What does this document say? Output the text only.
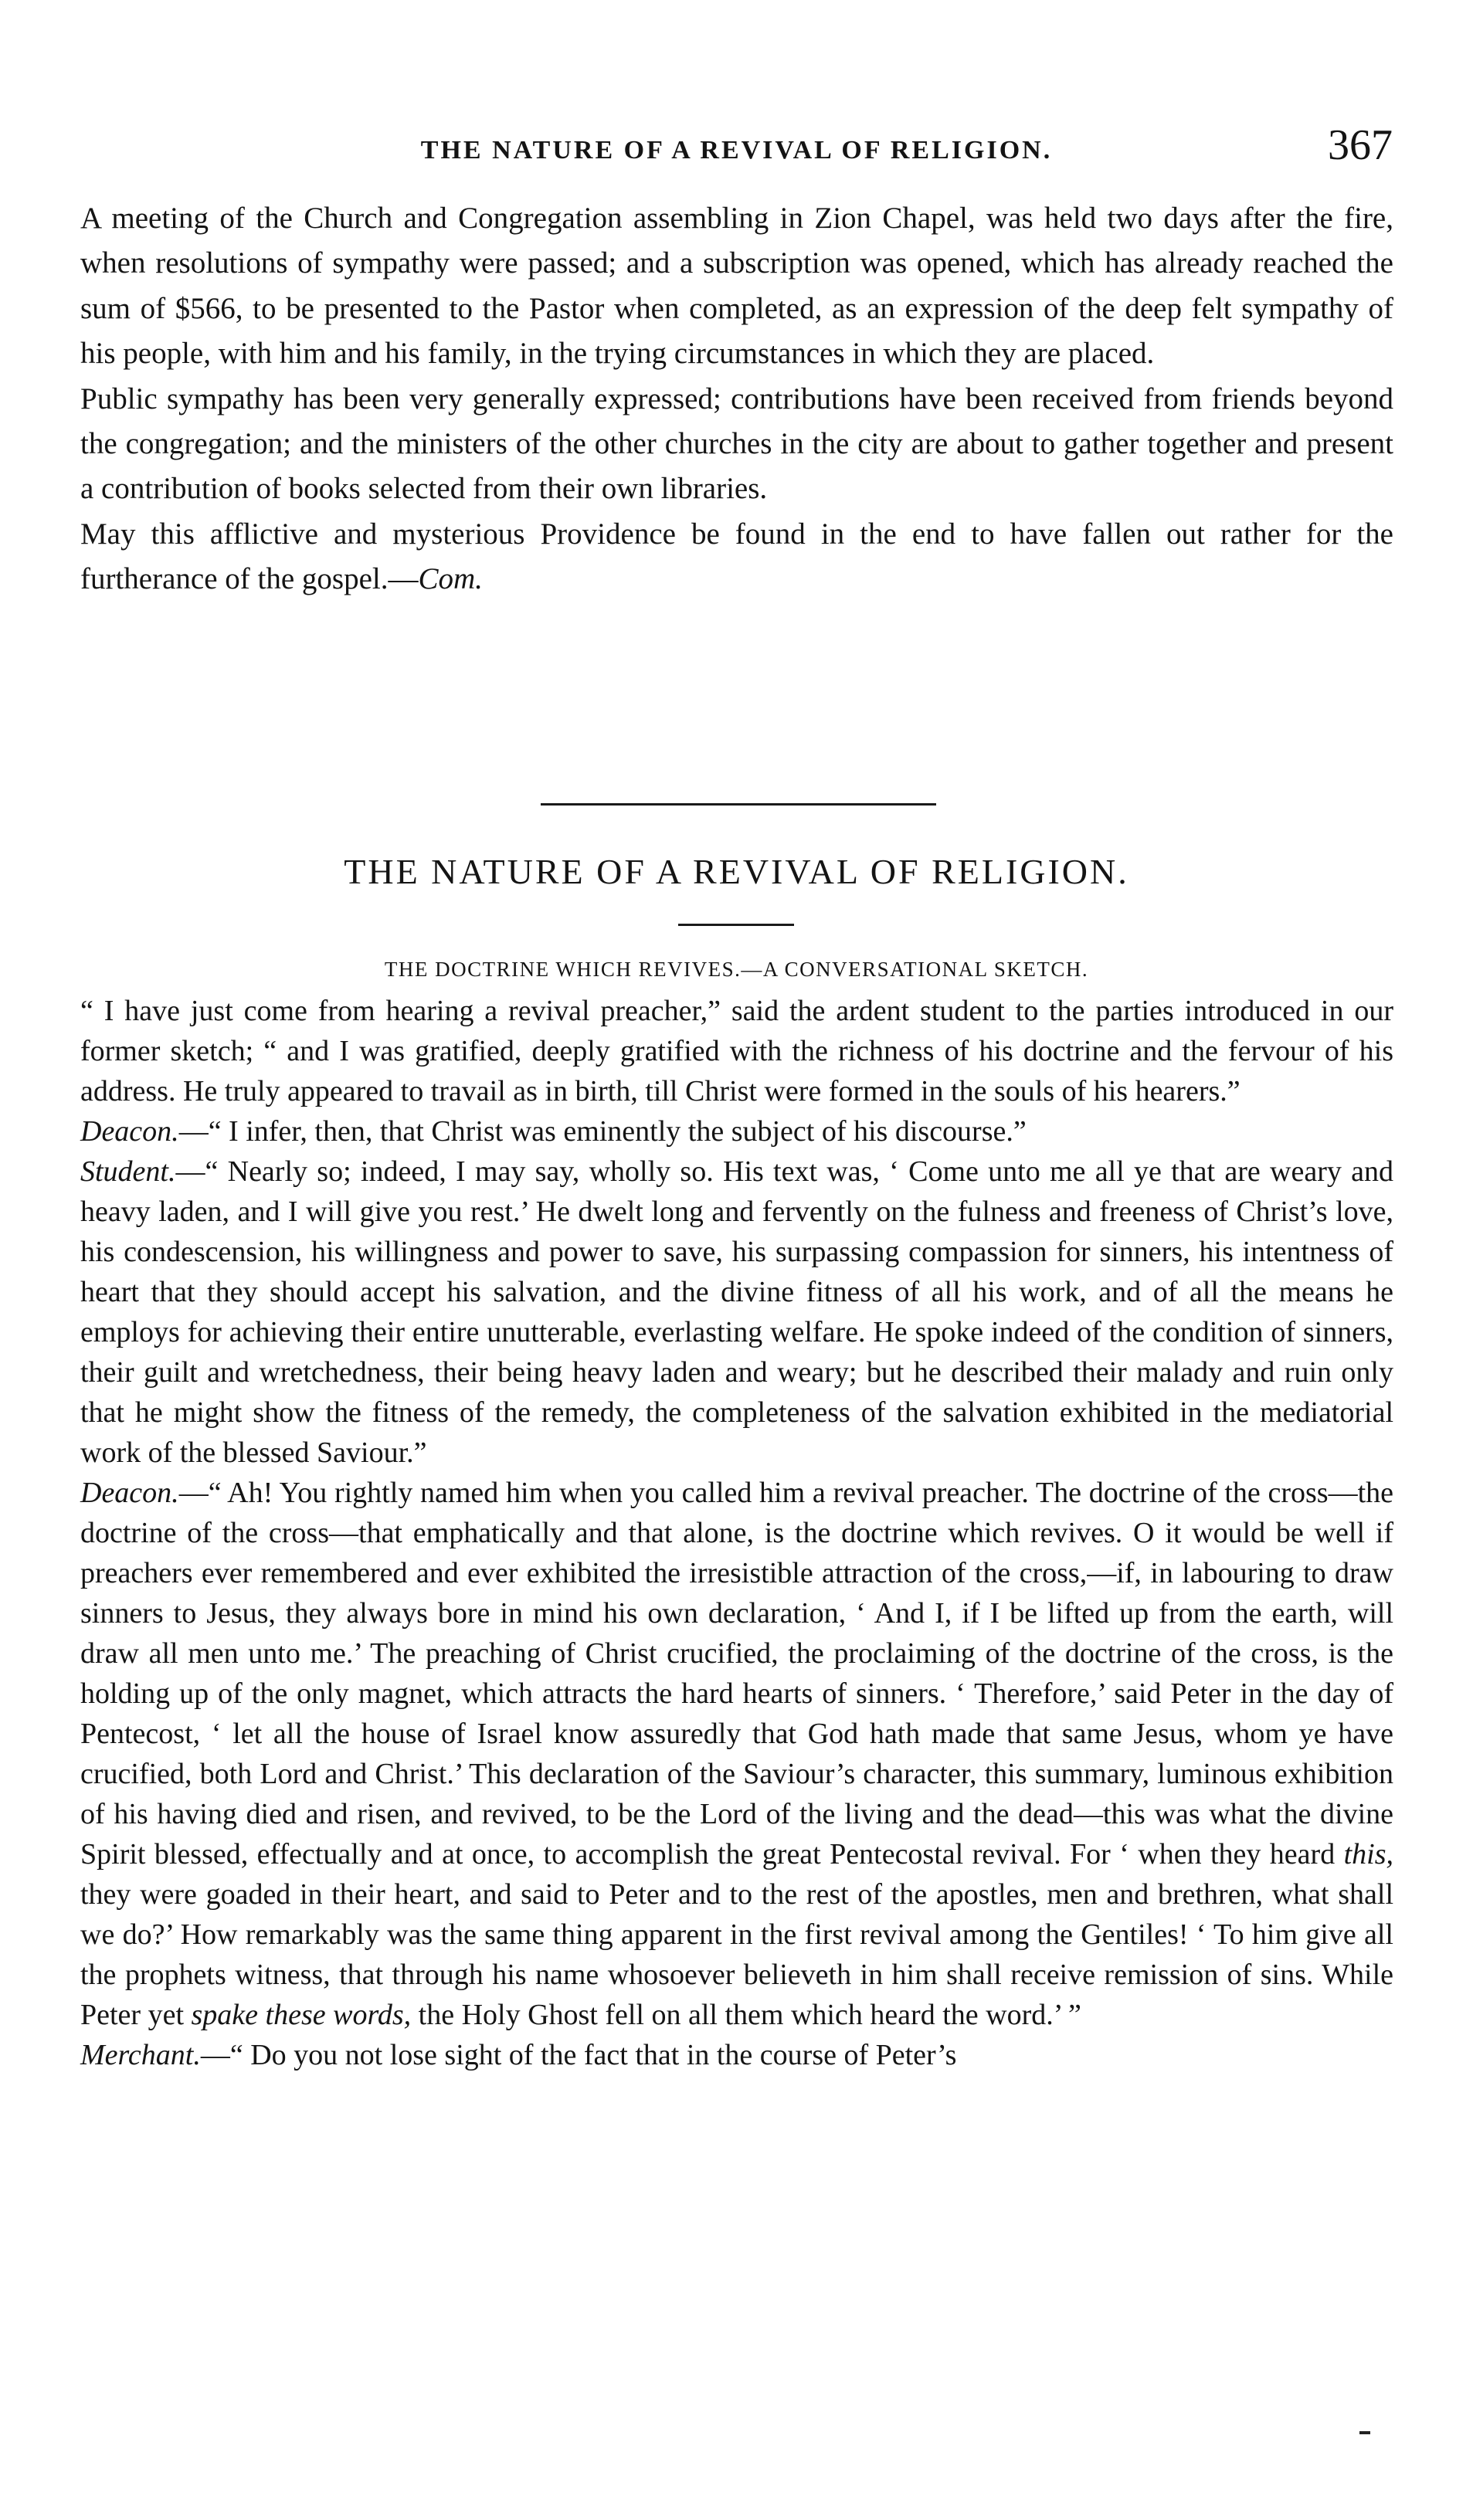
THE NATURE OF A REVIVAL OF RELIGION.	367

A meeting of the Church and Congregation assembling in Zion Chapel, was held two days after the fire, when resolutions of sympathy were passed; and a subscription was opened, which has already reached the sum of $566, to be presented to the Pastor when completed, as an expression of the deep felt sympathy of his people, with him and his family, in the trying circumstances in which they are placed.

Public sympathy has been very generally expressed; contributions have been received from friends beyond the congregation; and the ministers of the other churches in the city are about to gather together and present a contribution of books selected from their own libraries.

May this afflictive and mysterious Providence be found in the end to have fallen out rather for the furtherance of the gospel.—Com.

THE NATURE OF A REVIVAL OF RELIGION.
THE DOCTRINE WHICH REVIVES.—A CONVERSATIONAL SKETCH.

“ I have just come from hearing a revival preacher,” said the ardent student to the parties introduced in our former sketch; “ and I was gratified, deeply gratified with the richness of his doctrine and the fervour of his address. He truly appeared to travail as in birth, till Christ were formed in the souls of his hearers.”

Deacon.—“ I infer, then, that Christ was eminently the subject of his discourse.”

Student.—“ Nearly so; indeed, I may say, wholly so. His text was, ‘ Come unto me all ye that are weary and heavy laden, and I will give you rest.’ He dwelt long and fervently on the fulness and freeness of Christ’s love, his condescension, his willingness and power to save, his surpassing compassion for sinners, his intentness of heart that they should accept his salvation, and the divine fitness of all his work, and of all the means he employs for achieving their entire unutterable, everlasting welfare. He spoke indeed of the condition of sinners, their guilt and wretchedness, their being heavy laden and weary; but he described their malady and ruin only that he might show the fitness of the remedy, the completeness of the salvation exhibited in the mediatorial work of the blessed Saviour.”

Deacon.—“ Ah! You rightly named him when you called him a revival preacher. The doctrine of the cross—the doctrine of the cross—that emphatically and that alone, is the doctrine which revives. O it would be well if preachers ever remembered and ever exhibited the irresistible attraction of the cross,—if, in labouring to draw sinners to Jesus, they always bore in mind his own declaration, ‘ And I, if I be lifted up from the earth, will draw all men unto me.’ The preaching of Christ crucified, the proclaiming of the doctrine of the cross, is the holding up of the only magnet, which attracts the hard hearts of sinners. ‘ Therefore,’ said Peter in the day of Pentecost, ‘ let all the house of Israel know assuredly that God hath made that same Jesus, whom ye have crucified, both Lord and Christ.’ This declaration of the Saviour’s character, this summary, luminous exhibition of his having died and risen, and revived, to be the Lord of the living and the dead—this was what the divine Spirit blessed, effectually and at once, to accomplish the great Pentecostal revival. For ‘ when they heard this, they were goaded in their heart, and said to Peter and to the rest of the apostles, men and brethren, what shall we do?’ How remarkably was the same thing apparent in the first revival among the Gentiles! ‘ To him give all the prophets witness, that through his name whosoever believeth in him shall receive remission of sins. While Peter yet spake these words, the Holy Ghost fell on all them which heard the word.’ ”

Merchant.—“ Do you not lose sight of the fact that in the course of Peter’s
